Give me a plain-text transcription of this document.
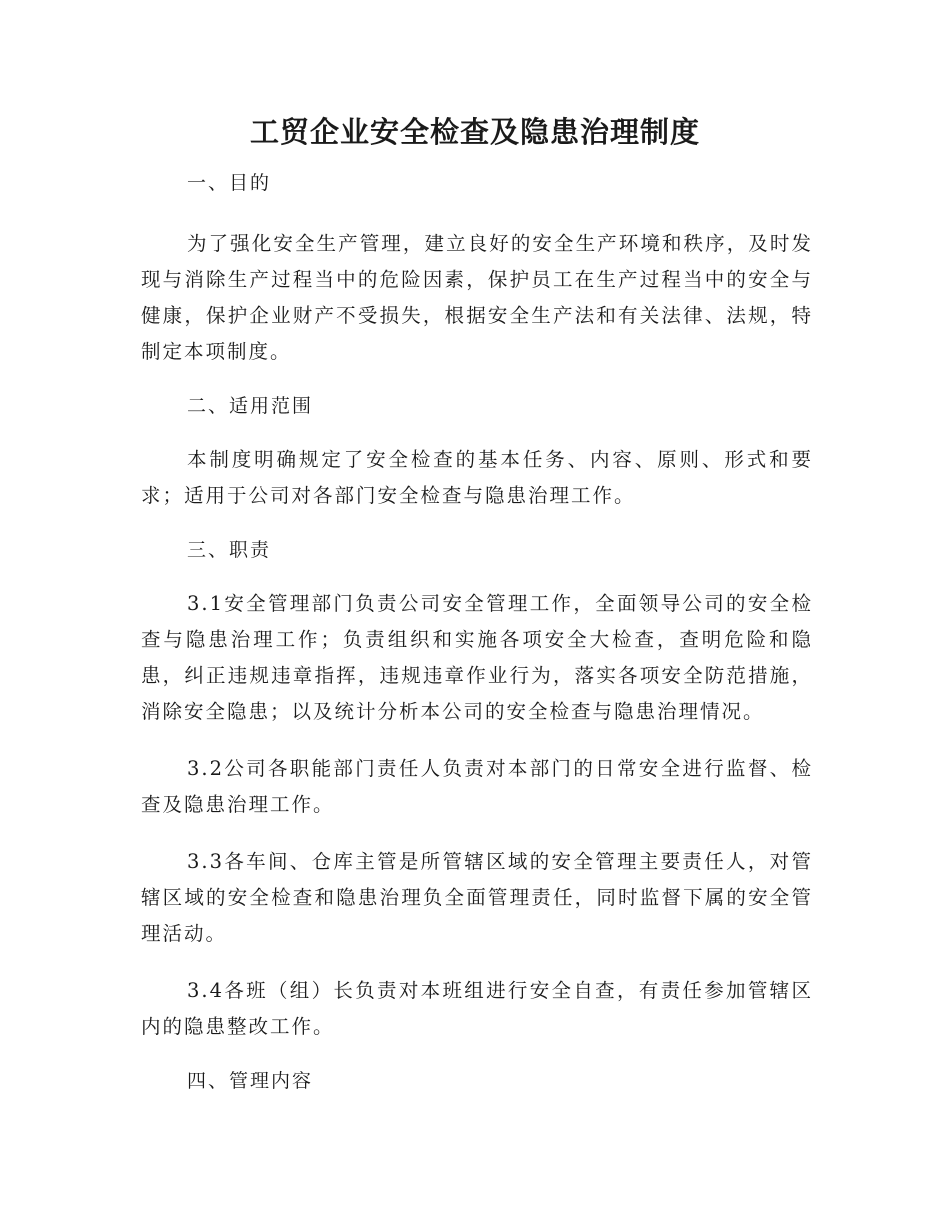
工贸企业安全检查及隐患治理制度

一、目的

为了强化安全生产管理，建立良好的安全生产环境和秩序，及时发现与消除生产过程当中的危险因素，保护员工在生产过程当中的安全与健康，保护企业财产不受损失，根据安全生产法和有关法律、法规，特制定本项制度。

二、适用范围

本制度明确规定了安全检查的基本任务、内容、原则、形式和要求；适用于公司对各部门安全检查与隐患治理工作。

三、职责

3.1安全管理部门负责公司安全管理工作，全面领导公司的安全检查与隐患治理工作；负责组织和实施各项安全大检查，查明危险和隐患，纠正违规违章指挥，违规违章作业行为，落实各项安全防范措施，消除安全隐患；以及统计分析本公司的安全检查与隐患治理情况。

3.2公司各职能部门责任人负责对本部门的日常安全进行监督、检查及隐患治理工作。

3.3各车间、仓库主管是所管辖区域的安全管理主要责任人，对管辖区域的安全检查和隐患治理负全面管理责任，同时监督下属的安全管理活动。

3.4各班（组）长负责对本班组进行安全自查，有责任参加管辖区内的隐患整改工作。

四、管理内容
